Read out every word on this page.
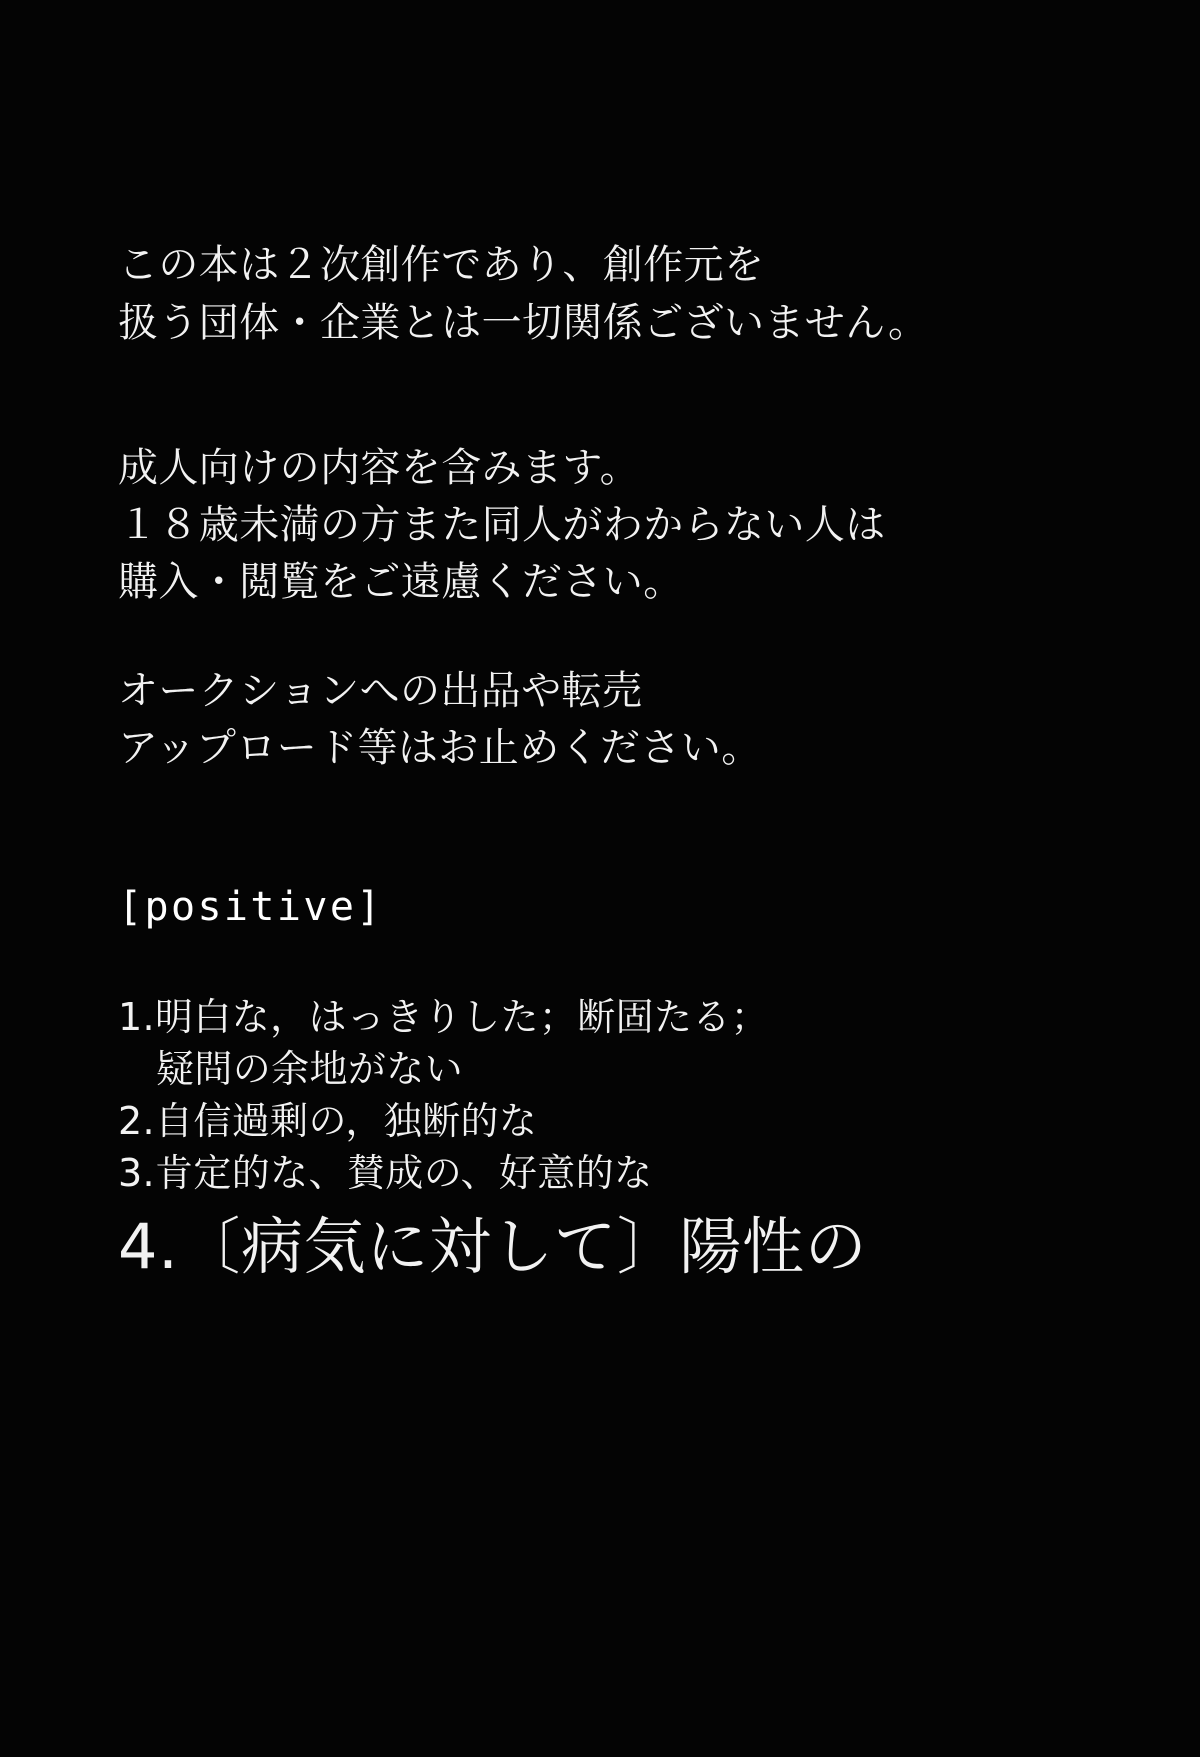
この本は２次創作であり、創作元を
扱う団体・企業とは一切関係ございません。
成人向けの内容を含みます。
１８歳未満の方また同人がわからない人は
購入・閲覧をご遠慮ください。
オークションへの出品や転売
アップロード等はお止めください。
[positive]
1.明白な，はっきりした；断固たる；
疑問の余地がない
2.自信過剰の，独断的な
3.肯定的な、賛成の、好意的な
4.〔病気に対して〕陽性の
